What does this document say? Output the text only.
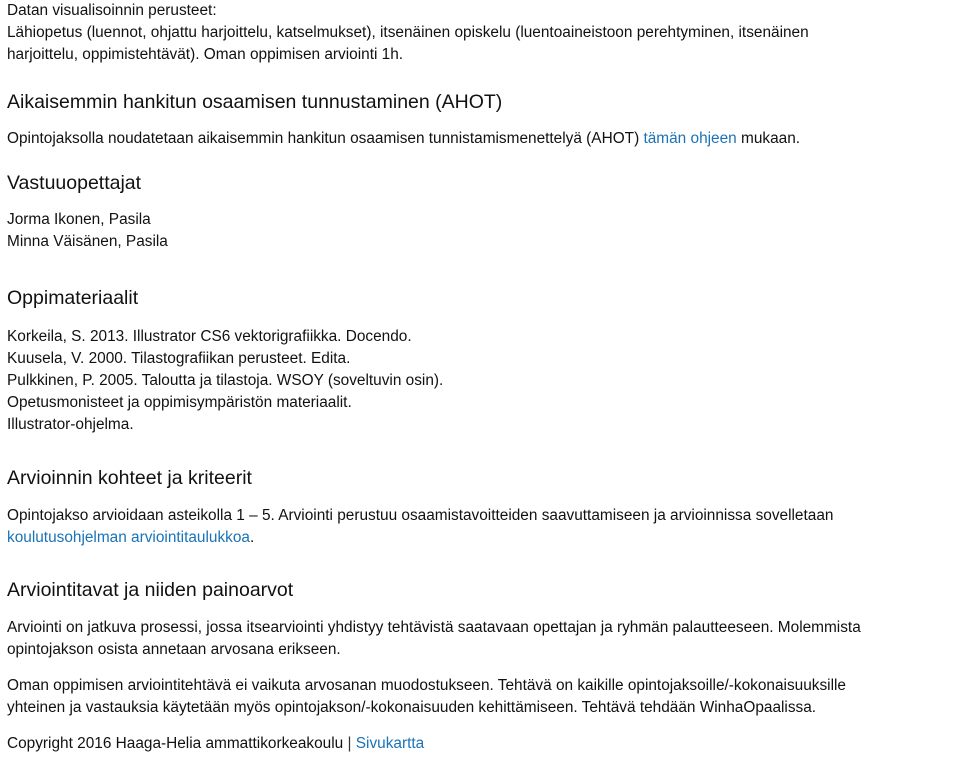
Datan visualisoinnin perusteet:

Lähiopetus (luennot, ohjattu harjoittelu, katselmukset), itsenäinen opiskelu (luentoaineistoon perehtyminen, itsenäinen

harjoittelu, oppimistehtävät). Oman oppimisen arviointi 1h.

Aikaisemmin hankitun osaamisen tunnustaminen (AHOT)

Opintojaksolla noudatetaan aikaisemmin hankitun osaamisen tunnistamismenettelyä (AHOT) tämän ohjeen mukaan.

Vastuuopettajat

Jorma Ikonen, Pasila

Minna Väisänen, Pasila

Oppimateriaalit

Korkeila, S. 2013. Illustrator CS6 vektorigrafiikka. Docendo.

Kuusela, V. 2000. Tilastografiikan perusteet. Edita.

Pulkkinen, P. 2005. Taloutta ja tilastoja. WSOY (soveltuvin osin).

Opetusmonisteet ja oppimisympäristön materiaalit.

Illustrator-ohjelma.

Arvioinnin kohteet ja kriteerit

Opintojakso arvioidaan asteikolla 1 – 5. Arviointi perustuu osaamistavoitteiden saavuttamiseen ja arvioinnissa sovelletaan

koulutusohjelman arviointitaulukkoa.

Arviointitavat ja niiden painoarvot

Arviointi on jatkuva prosessi, jossa itsearviointi yhdistyy tehtävistä saatavaan opettajan ja ryhmän palautteeseen. Molemmista

opintojakson osista annetaan arvosana erikseen.

Oman oppimisen arviointitehtävä ei vaikuta arvosanan muodostukseen. Tehtävä on kaikille opintojaksoille/-kokonaisuuksille

yhteinen ja vastauksia käytetään myös opintojakson/-kokonaisuuden kehittämiseen. Tehtävä tehdään WinhaOpaalissa.

Copyright 2016 Haaga-Helia ammattikorkeakoulu | Sivukartta
